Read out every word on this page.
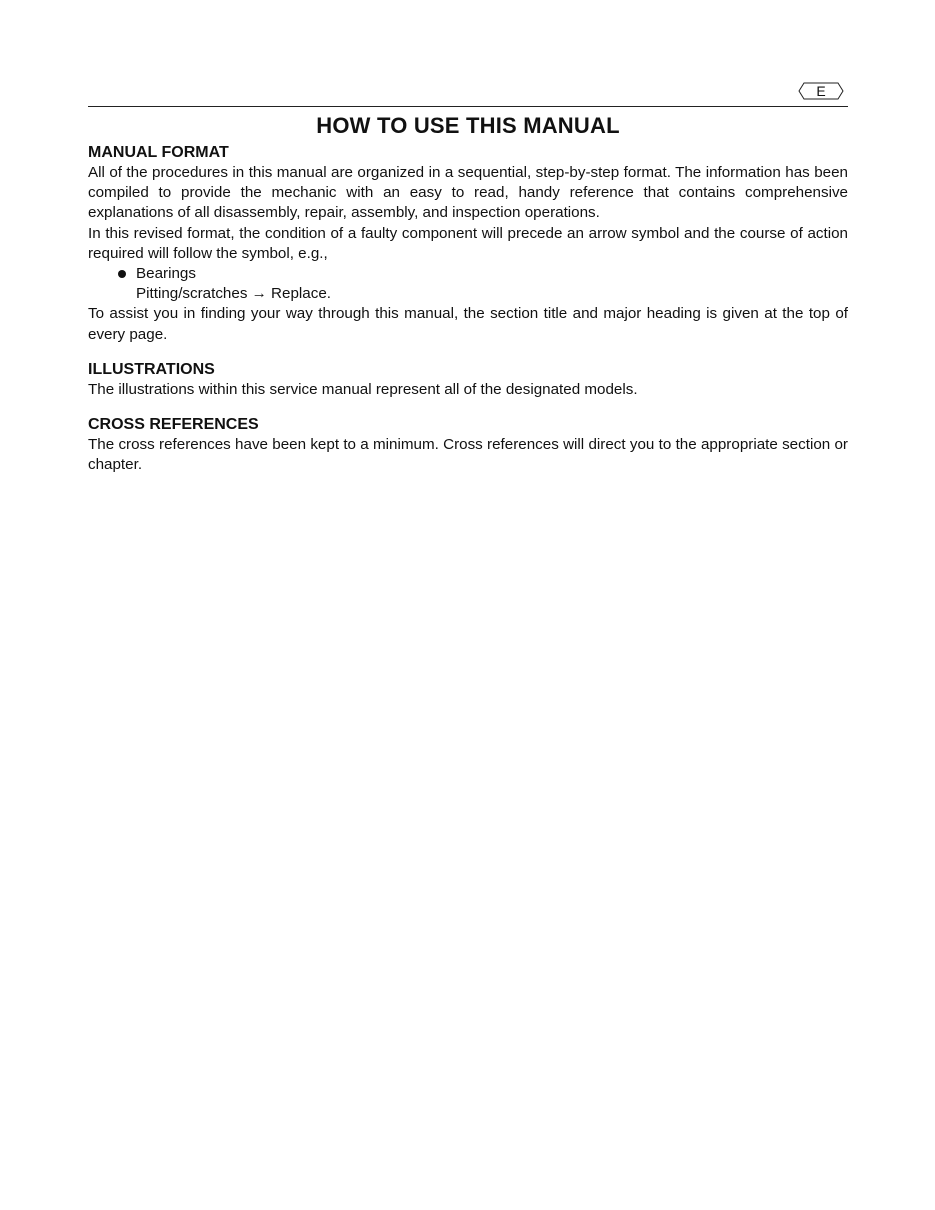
E
HOW TO USE THIS MANUAL
MANUAL FORMAT

All of the procedures in this manual are organized in a sequential, step-by-step format. The information has been compiled to provide the mechanic with an easy to read, handy reference that contains comprehensive explanations of all disassembly, repair, assembly, and inspection operations.

In this revised format, the condition of a faulty component will precede an arrow symbol and the course of action required will follow the symbol, e.g.,

Bearings
Pitting/scratches → Replace.

To assist you in finding your way through this manual, the section title and major heading is given at the top of every page.

ILLUSTRATIONS

The illustrations within this service manual represent all of the designated models.

CROSS REFERENCES

The cross references have been kept to a minimum. Cross references will direct you to the appropriate section or chapter.
